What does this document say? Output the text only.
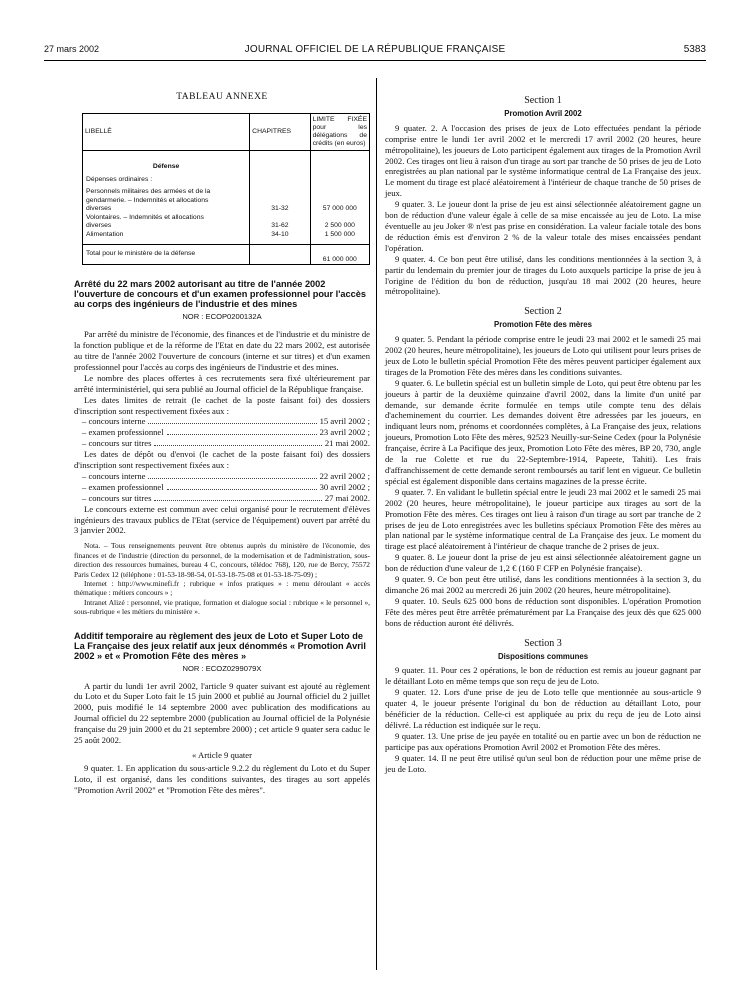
27 mars 2002	JOURNAL OFFICIEL DE LA RÉPUBLIQUE FRANÇAISE	5383
TABLEAU ANNEXE
LIBELLÉ	CHAPITRES	LIMITE FIXÉE pour les délégations de crédits (en euros)
Défense		
Dépenses ordinaires :		

Personnels militaires des armées et de la
gendarmerie. – Indemnités et allocations
diverses	31-32	57 000 000

Volontaires. – Indemnités et allocations
diverses	31-62	2 500 000
Alimentation	34-10	1 500 000
Total pour le ministère de la défense		61 000 000
Arrêté du 22 mars 2002 autorisant au titre de l'année 2002 l'ouverture de concours et d'un examen professionnel pour l'accès au corps des ingénieurs de l'industrie et des mines
NOR : ECOP0200132A

Par arrêté du ministre de l'économie, des finances et de l'industrie et du ministre de la fonction publique et de la réforme de l'Etat en date du 22 mars 2002, est autorisée au titre de l'année 2002 l'ouverture de concours (interne et sur titres) et d'un examen professionnel pour l'accès au corps des ingénieurs de l'industrie et des mines.

Le nombre des places offertes à ces recrutements sera fixé ultérieurement par arrêté interministériel, qui sera publié au Journal officiel de la République française.

Les dates limites de retrait (le cachet de la poste faisant foi) des dossiers d'inscription sont respectivement fixées aux :

– concours interne	15 avril 2002 ;
– examen professionnel	23 avril 2002 ;
– concours sur titres	21 mai 2002.

Les dates de dépôt ou d'envoi (le cachet de la poste faisant foi) des dossiers d'inscription sont respectivement fixées aux :

– concours interne	22 avril 2002 ;
– examen professionnel	30 avril 2002 ;
– concours sur titres	27 mai 2002.

Le concours externe est commun avec celui organisé pour le recrutement d'élèves ingénieurs des travaux publics de l'Etat (service de l'équipement) ouvert par arrêté du 3 janvier 2002.

Nota. – Tous renseignements peuvent être obtenus auprès du ministère de l'économie, des finances et de l'industrie (direction du personnel, de la modernisation et de l'administration, sous-direction des ressources humaines, bureau 4 C, concours, télédoc 768), 120, rue de Bercy, 75572 Paris Cedex 12 (téléphone : 01-53-18-98-54, 01-53-18-75-08 et 01-53-18-75-09) ;

Internet : http://www.minefi.fr ; rubrique « infos pratiques » : menu déroulant « accès thématique : métiers concours » ;

Intranet Alizé : personnel, vie pratique, formation et dialogue social : rubrique « le personnel », sous-rubrique « les métiers du ministère ».

Additif temporaire au règlement des jeux de Loto et Super Loto de La Française des jeux relatif aux jeux dénommés « Promotion Avril 2002 » et « Promotion Fête des mères »
NOR : ECOZ0299079X

A partir du lundi 1er avril 2002, l'article 9 quater suivant est ajouté au règlement du Loto et du Super Loto fait le 15 juin 2000 et publié au Journal officiel du 2 juillet 2000, puis modifié le 14 septembre 2000 avec publication des modifications au Journal officiel du 22 septembre 2000 (publication au Journal officiel de la Polynésie française du 29 juin 2000 et du 21 septembre 2000) ; cet article 9 quater sera caduc le 25 août 2002.

« Article 9 quater

9 quater. 1. En application du sous-article 9.2.2 du règlement du Loto et du Super Loto, il est organisé, dans les conditions suivantes, des tirages au sort appelés "Promotion Avril 2002" et "Promotion Fête des mères".

Section 1
Promotion Avril 2002

9 quater. 2. A l'occasion des prises de jeux de Loto effectuées pendant la période comprise entre le lundi 1er avril 2002 et le mercredi 17 avril 2002 (20 heures, heure métropolitaine), les joueurs de Loto participent également aux tirages de la Promotion Avril 2002. Ces tirages ont lieu à raison d'un tirage au sort par tranche de 50 prises de jeu de Loto enregistrées au plan national par le système informatique central de La Française des jeux. Le moment du tirage est placé aléatoirement à l'intérieur de chaque tranche de 50 prises de jeux.

9 quater. 3. Le joueur dont la prise de jeu est ainsi sélectionnée aléatoirement gagne un bon de réduction d'une valeur égale à celle de sa mise encaissée au jeu de Loto. La mise éventuelle au jeu Joker ® n'est pas prise en considération. La valeur faciale totale des bons de réduction émis est d'environ 2 % de la valeur totale des mises encaissées pendant l'opération.

9 quater. 4. Ce bon peut être utilisé, dans les conditions mentionnées à la section 3, à partir du lendemain du premier jour de tirages du Loto auxquels participe la prise de jeu à l'origine de l'édition du bon de réduction, jusqu'au 18 mai 2002 (20 heures, heure métropolitaine).

Section 2
Promotion Fête des mères

9 quater. 5. Pendant la période comprise entre le jeudi 23 mai 2002 et le samedi 25 mai 2002 (20 heures, heure métropolitaine), les joueurs de Loto qui utilisent pour leurs prises de jeux de Loto le bulletin spécial Promotion Fête des mères peuvent participer également aux tirages de la Promotion Fête des mères dans les conditions suivantes.

9 quater. 6. Le bulletin spécial est un bulletin simple de Loto, qui peut être obtenu par les joueurs à partir de la deuxième quinzaine d'avril 2002, dans la limite d'un unité par demande, sur demande écrite formulée en temps utile compte tenu des délais d'acheminement du courrier. Les demandes doivent être adressées par les joueurs, en indiquant leurs nom, prénoms et coordonnées complètes, à La Française des jeux, relations joueurs, Promotion Loto Fête des mères, 92523 Neuilly-sur-Seine Cedex (pour la Polynésie française, écrire à La Pacifique des jeux, Promotion Loto Fête des mères, BP 20, 730, angle de la rue Colette et rue du 22-Septembre-1914, Papeete, Tahiti). Les frais d'affranchissement de cette demande seront remboursés au tarif lent en vigueur. Ce bulletin spécial est également disponible dans certains magazines de la presse écrite.

9 quater. 7. En validant le bulletin spécial entre le jeudi 23 mai 2002 et le samedi 25 mai 2002 (20 heures, heure métropolitaine), le joueur participe aux tirages au sort de la Promotion Fête des mères. Ces tirages ont lieu à raison d'un tirage au sort par tranche de 2 prises de jeu de Loto enregistrées avec les bulletins spéciaux Promotion Fête des mères au plan national par le système informatique central de La Française des jeux. Le moment du tirage est placé aléatoirement à l'intérieur de chaque tranche de 2 prises de jeux.

9 quater. 8. Le joueur dont la prise de jeu est ainsi sélectionnée aléatoirement gagne un bon de réduction d'une valeur de 1,2 € (160 F CFP en Polynésie française).

9 quater. 9. Ce bon peut être utilisé, dans les conditions mentionnées à la section 3, du dimanche 26 mai 2002 au mercredi 26 juin 2002 (20 heures, heure métropolitaine).

9 quater. 10. Seuls 625 000 bons de réduction sont disponibles. L'opération Promotion Fête des mères peut être arrêtée prématurément par La Française des jeux dès que 625 000 bons de réduction auront été délivrés.

Section 3
Dispositions communes

9 quater. 11. Pour ces 2 opérations, le bon de réduction est remis au joueur gagnant par le détaillant Loto en même temps que son reçu de jeu de Loto.

9 quater. 12. Lors d'une prise de jeu de Loto telle que mentionnée au sous-article 9 quater 4, le joueur présente l'original du bon de réduction au détaillant Loto, pour bénéficier de la réduction. Celle-ci est appliquée au prix du reçu de jeu de Loto ainsi délivré. La réduction est indiquée sur le reçu.

9 quater. 13. Une prise de jeu payée en totalité ou en partie avec un bon de réduction ne participe pas aux opérations Promotion Avril 2002 et Promotion Fête des mères.

9 quater. 14. Il ne peut être utilisé qu'un seul bon de réduction pour une même prise de jeu de Loto.
